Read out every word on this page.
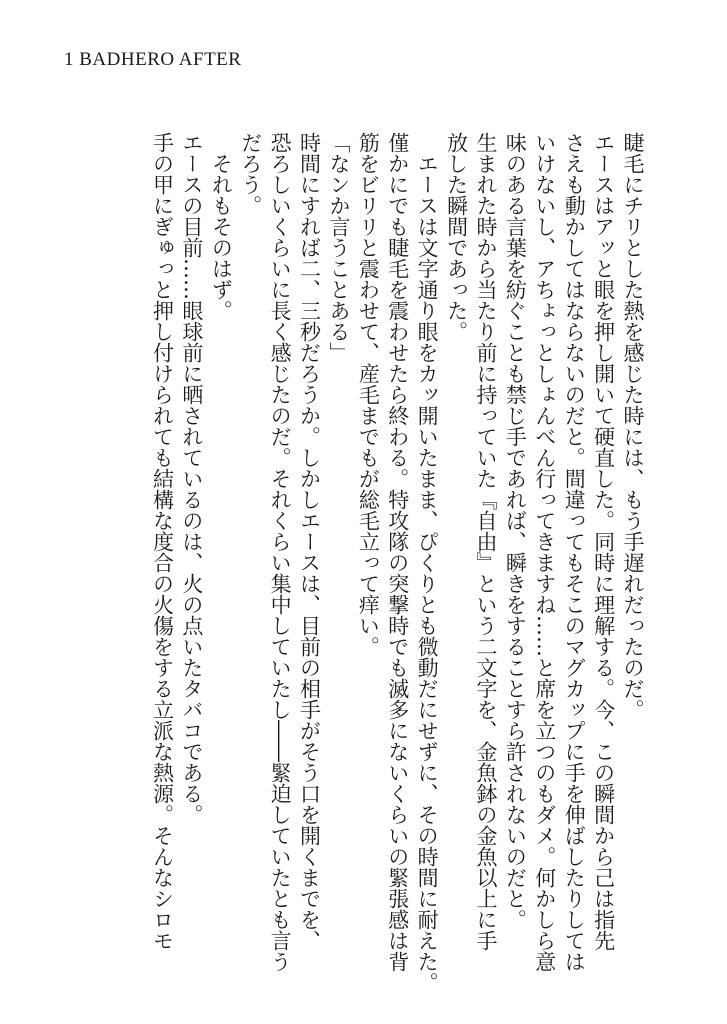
1 BADHERO AFTER

睫毛にチリとした熱を感じた時には、もう手遅れだったのだ。

エースはアッと眼を押し開いて硬直した。同時に理解する。今、この瞬間から己は指先

さえも動かしてはならないのだと。間違ってもそこのマグカップに手を伸ばしたりしては

いけないし、アちょっとしょんべん行ってきますね……と席を立つのもダメ。何かしら意

味のある言葉を紡ぐことも禁じ手であれば、瞬きをすることすら許されないのだと。

生まれた時から当たり前に持っていた『自由』という二文字を、金魚鉢の金魚以上に手

放した瞬間であった。

　エースは文字通り眼をカッ開いたまま、ぴくりとも微動だにせずに、その時間に耐えた。

僅かにでも睫毛を震わせたら終わる。特攻隊の突撃時でも滅多にないくらいの緊張感は背

筋をビリリと震わせて、産毛までもが総毛立って痒い。

「なンか言うことある」

時間にすれば二、三秒だろうか。しかしエースは、目前の相手がそう口を開くまでを、

恐ろしいくらいに長く感じたのだ。それくらい集中していたし――緊迫していたとも言う

だろう。

　それもそのはず。

エースの目前……眼球前に晒されているのは、火の点いたタバコである。

手の甲にぎゅっと押し付けられても結構な度合の火傷をする立派な熱源。そんなシロモ
